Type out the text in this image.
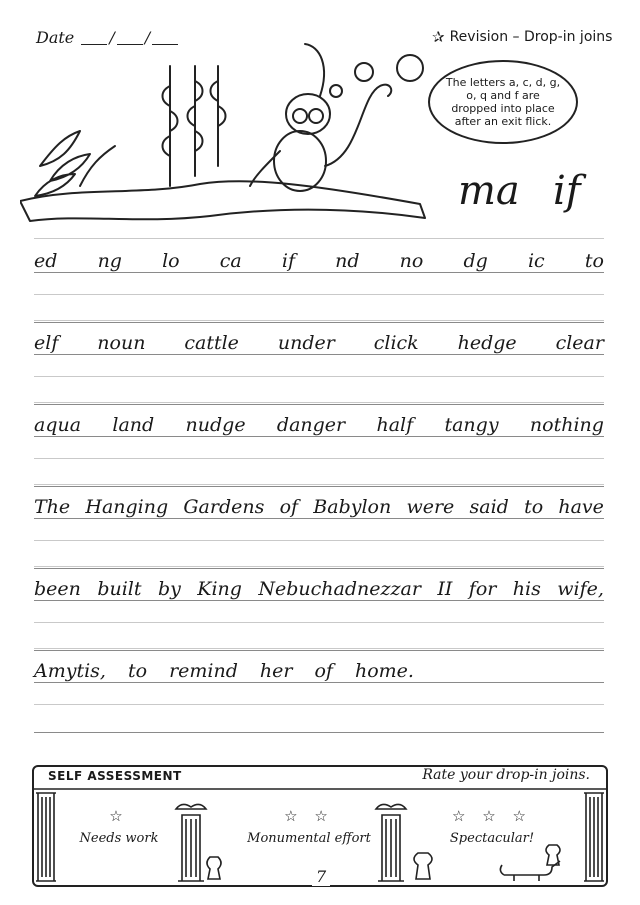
Date / /	✰ Revision – Drop-in joins
The letters a, c, d, g, o, q and f are dropped into place after an exit flick.
ma if
ed ng lo ca if nd no dg ic to
elf noun cattle under click hedge clear
aqua land nudge danger half tangy nothing
The Hanging Gardens of Babylon were said to have
been built by King Nebuchadnezzar II for his wife,
Amytis, to remind her of home.
SELF ASSESSMENT	Rate your drop-in joins.
☆
Needs work
☆ ☆
Monumental effort
☆ ☆ ☆
Spectacular!
7
